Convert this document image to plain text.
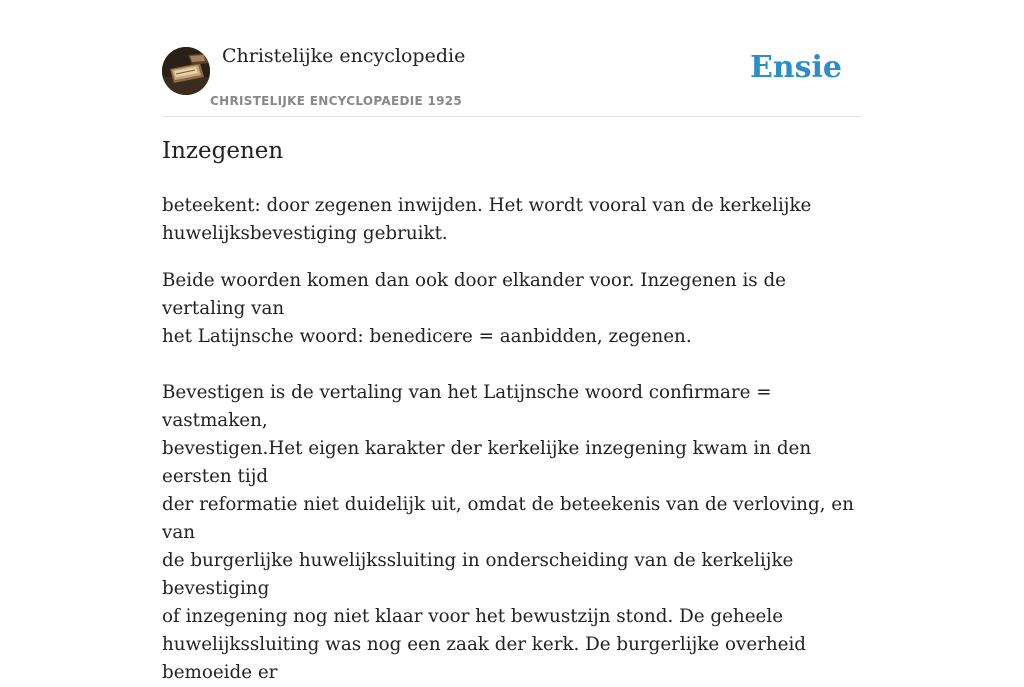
Christelijke encyclopedie
CHRISTELIJKE ENCYCLOPAEDIE 1925
Ensie
Inzegenen

beteekent: door zegenen inwijden. Het wordt vooral van de kerkelijke
huwelijksbevestiging gebruikt.

Beide woorden komen dan ook door elkander voor. Inzegenen is de vertaling van
het Latijnsche woord: benedicere = aanbidden, zegenen.

Bevestigen is de vertaling van het Latijnsche woord confirmare = vastmaken,
bevestigen.Het eigen karakter der kerkelijke inzegening kwam in den eersten tijd
der reformatie niet duidelijk uit, omdat de beteekenis van de verloving, en van
de burgerlijke huwelijkssluiting in onderscheiding van de kerkelijke bevestiging
of inzegening nog niet klaar voor het bewustzijn stond. De geheele
huwelijkssluiting was nog een zaak der kerk. De burgerlijke overheid bemoeide er
